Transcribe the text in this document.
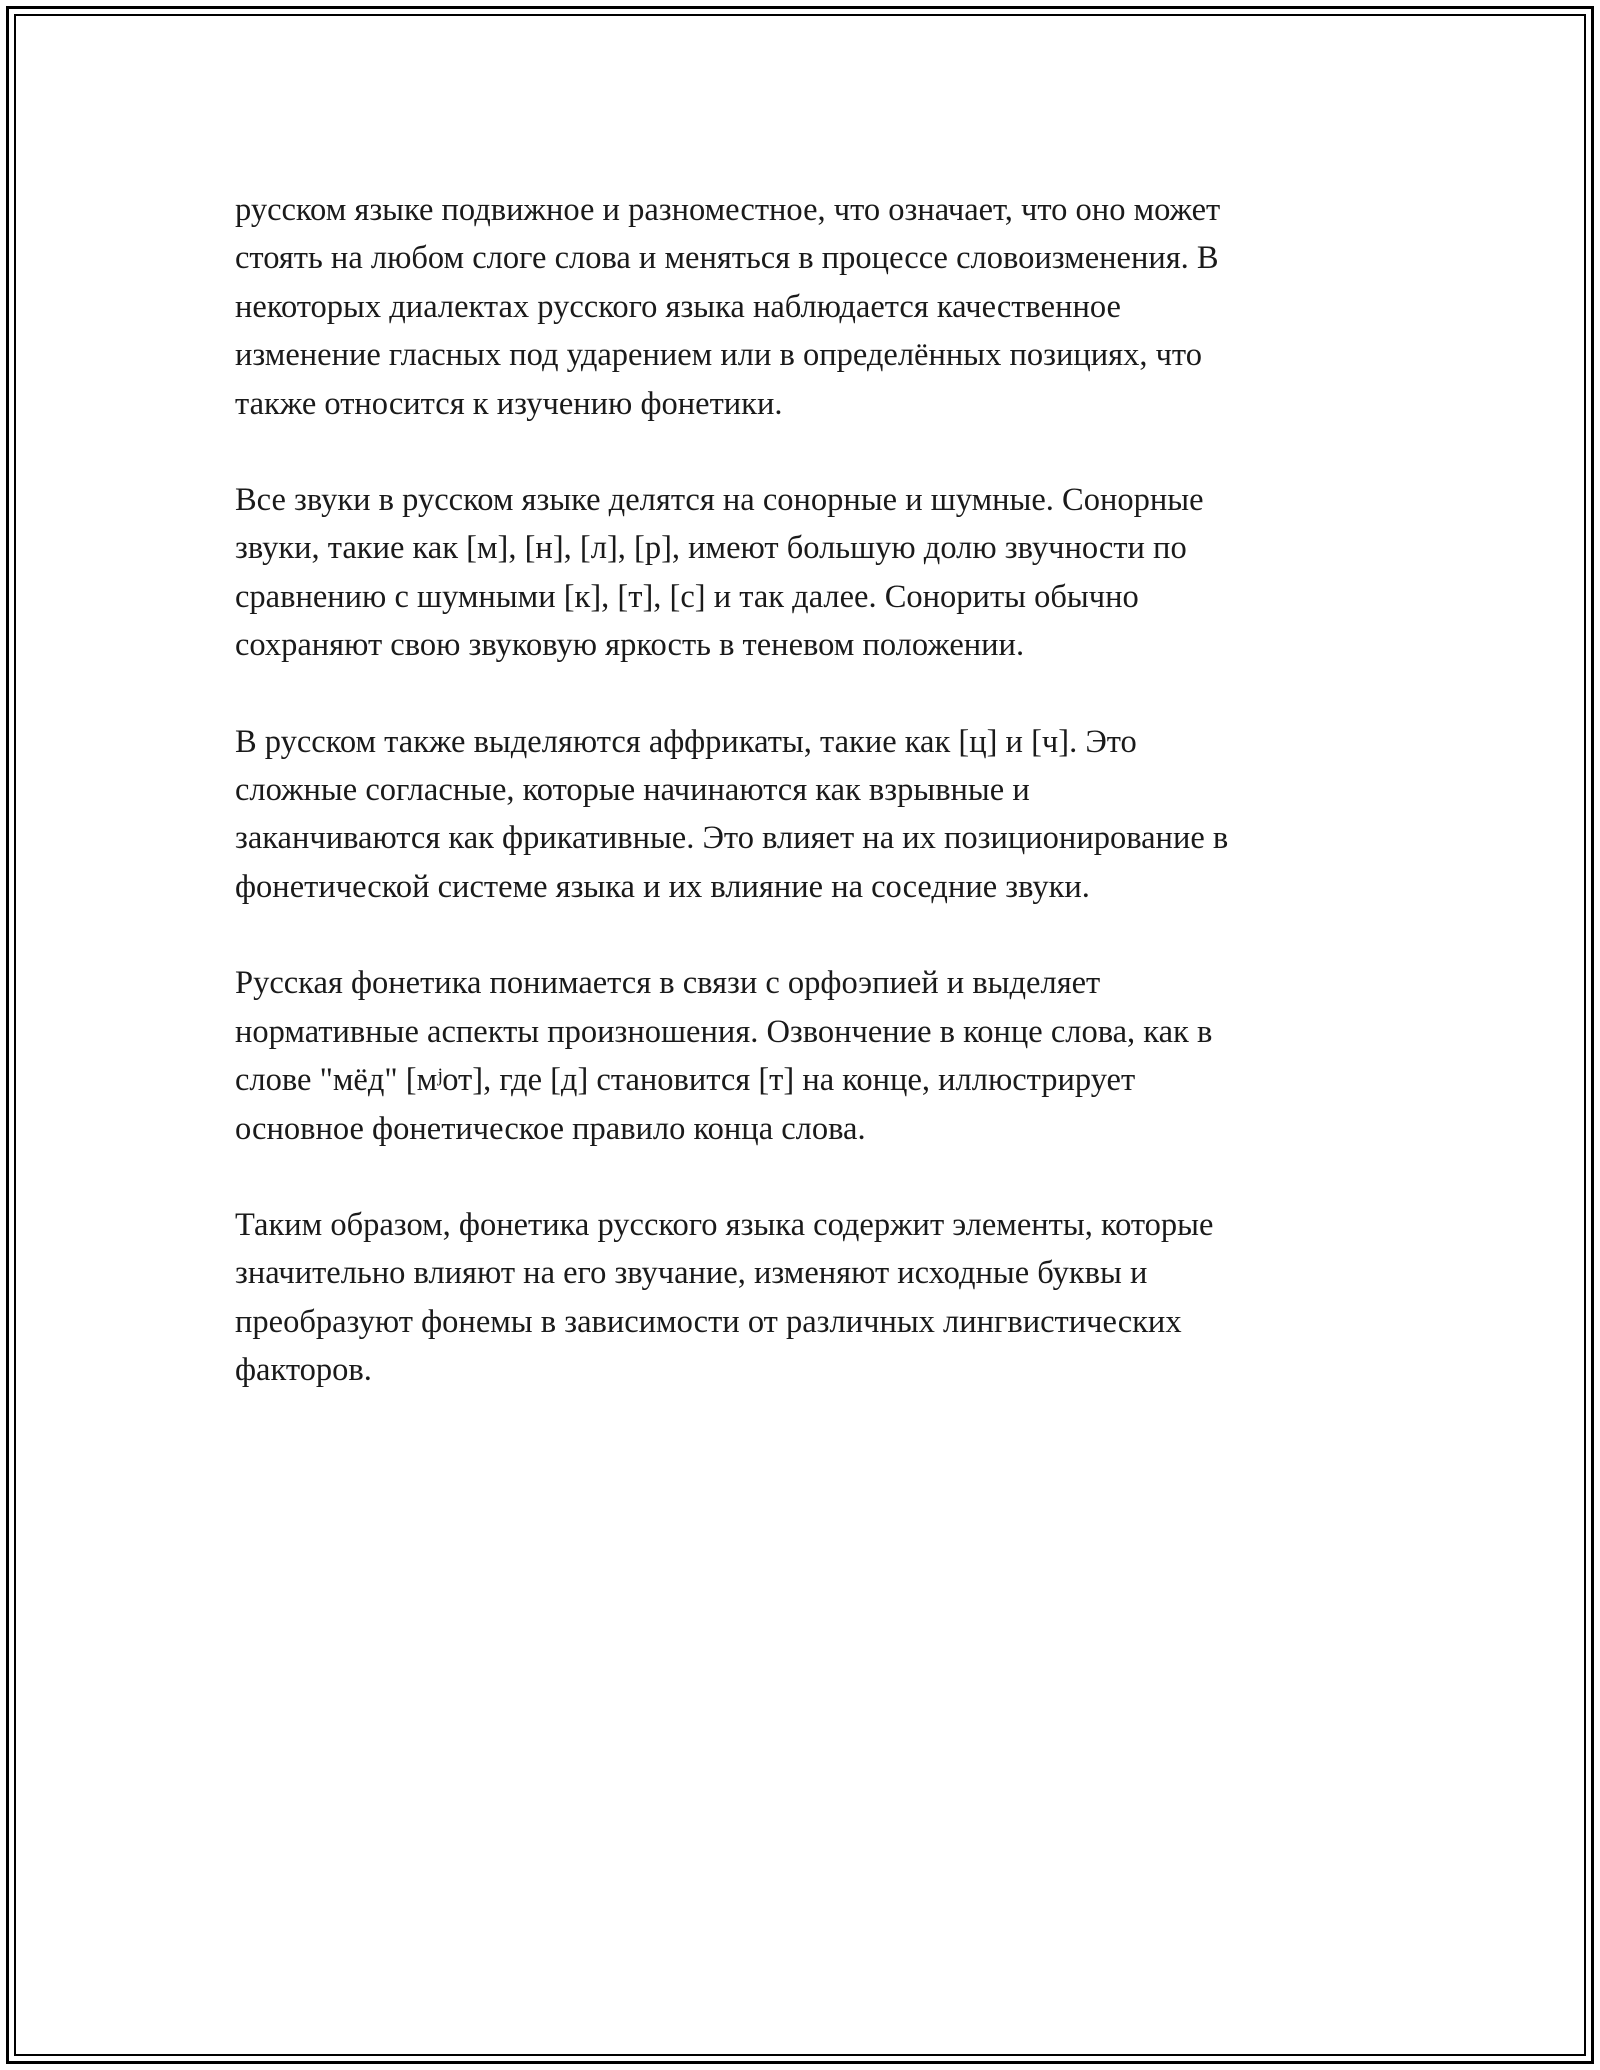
русском языке подвижное и разноместное, что означает, что оно может
стоять на любом слоге слова и меняться в процессе словоизменения. В
некоторых диалектах русского языка наблюдается качественное
изменение гласных под ударением или в определённых позициях, что
также относится к изучению фонетики.

Все звуки в русском языке делятся на сонорные и шумные. Сонорные
звуки, такие как [м], [н], [л], [р], имеют большую долю звучности по
сравнению с шумными [к], [т], [с] и так далее. Сонориты обычно
сохраняют свою звуковую яркость в теневом положении.

В русском также выделяются аффрикаты, такие как [ц] и [ч]. Это
сложные согласные, которые начинаются как взрывные и
заканчиваются как фрикативные. Это влияет на их позиционирование в
фонетической системе языка и их влияние на соседние звуки.

Русская фонетика понимается в связи с орфоэпией и выделяет
нормативные аспекты произношения. Озвончение в конце слова, как в
слове "мёд" [мʲот], где [д] становится [т] на конце, иллюстрирует
основное фонетическое правило конца слова.

Таким образом, фонетика русского языка содержит элементы, которые
значительно влияют на его звучание, изменяют исходные буквы и
преобразуют фонемы в зависимости от различных лингвистических
факторов.
